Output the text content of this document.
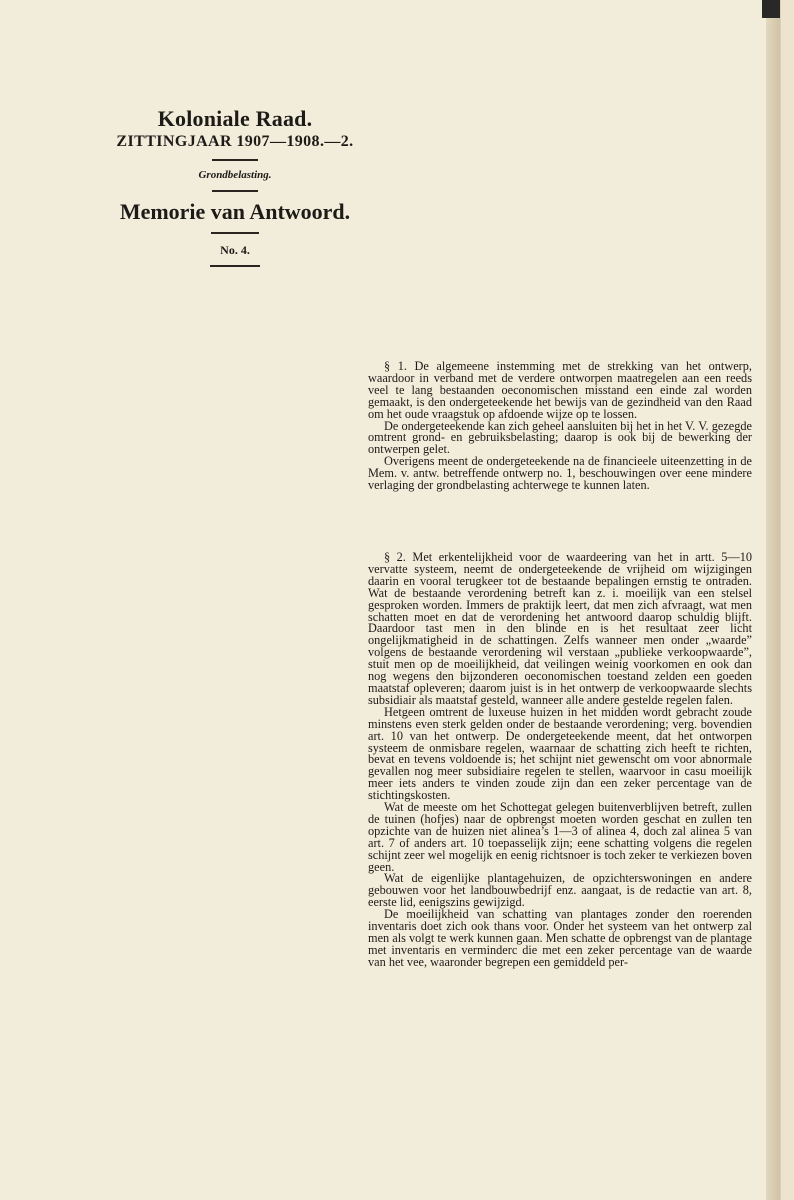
Koloniale Raad.
ZITTINGJAAR 1907—1908.—2.
Grondbelasting.
Memorie van Antwoord.
No. 4.

§ 1. De algemeene instemming met de strekking van het ontwerp, waardoor in verband met de verdere ontworpen maatregelen aan een reeds veel te lang bestaanden oeconomischen misstand een einde zal worden gemaakt, is den ondergeteekende het bewijs van de gezindheid van den Raad om het oude vraagstuk op afdoende wijze op te lossen.

De ondergeteekende kan zich geheel aansluiten bij het in het V. V. gezegde omtrent grond- en gebruiksbelasting; daarop is ook bij de bewerking der ontwerpen gelet.

Overigens meent de ondergeteekende na de financieele uiteenzetting in de Mem. v. antw. betreffende ontwerp no. 1, beschouwingen over eene mindere verlaging der grondbelasting achterwege te kunnen laten.

§ 2. Met erkentelijkheid voor de waardeering van het in artt. 5—10 vervatte systeem, neemt de ondergeteekende de vrijheid om wijzigingen daarin en vooral terugkeer tot de bestaande bepalingen ernstig te ontraden. Wat de bestaande verordening betreft kan z. i. moeilijk van een stelsel gesproken worden. Immers de praktijk leert, dat men zich afvraagt, wat men schatten moet en dat de verordening het antwoord daarop schuldig blijft. Daardoor tast men in den blinde en is het resultaat zeer licht ongelijkmatigheid in de schattingen. Zelfs wanneer men onder „waarde” volgens de bestaande verordening wil verstaan „publieke verkoopwaarde”, stuit men op de moeilijkheid, dat veilingen weinig voorkomen en ook dan nog wegens den bijzonderen oeconomischen toestand zelden een goeden maatstaf opleveren; daarom juist is in het ontwerp de verkoopwaarde slechts subsidiair als maatstaf gesteld, wanneer alle andere gestelde regelen falen.

Hetgeen omtrent de luxeuse huizen in het midden wordt gebracht zoude minstens even sterk gelden onder de bestaande verordening; verg. bovendien art. 10 van het ontwerp. De ondergeteekende meent, dat het ontworpen systeem de onmisbare regelen, waarnaar de schatting zich heeft te richten, bevat en tevens voldoende is; het schijnt niet gewenscht om voor abnormale gevallen nog meer subsidiaire regelen te stellen, waarvoor in casu moeilijk meer iets anders te vinden zoude zijn dan een zeker percentage van de stichtingskosten.

Wat de meeste om het Schottegat gelegen buitenverblijven betreft, zullen de tuinen (hofjes) naar de opbrengst moeten worden geschat en zullen ten opzichte van de huizen niet alinea’s 1—3 of alinea 4, doch zal alinea 5 van art. 7 of anders art. 10 toepasselijk zijn; eene schatting volgens die regelen schijnt zeer wel mogelijk en eenig richtsnoer is toch zeker te verkiezen boven geen.

Wat de eigenlijke plantagehuizen, de opzichterswoningen en andere gebouwen voor het landbouwbedrijf enz. aangaat, is de redactie van art. 8, eerste lid, eenigszins gewijzigd.

De moeilijkheid van schatting van plantages zonder den roerenden inventaris doet zich ook thans voor. Onder het systeem van het ontwerp zal men als volgt te werk kunnen gaan. Men schatte de opbrengst van de plantage met inventaris en verminderc die met een zeker percentage van de waarde van het vee, waaronder begrepen een gemiddeld per-
